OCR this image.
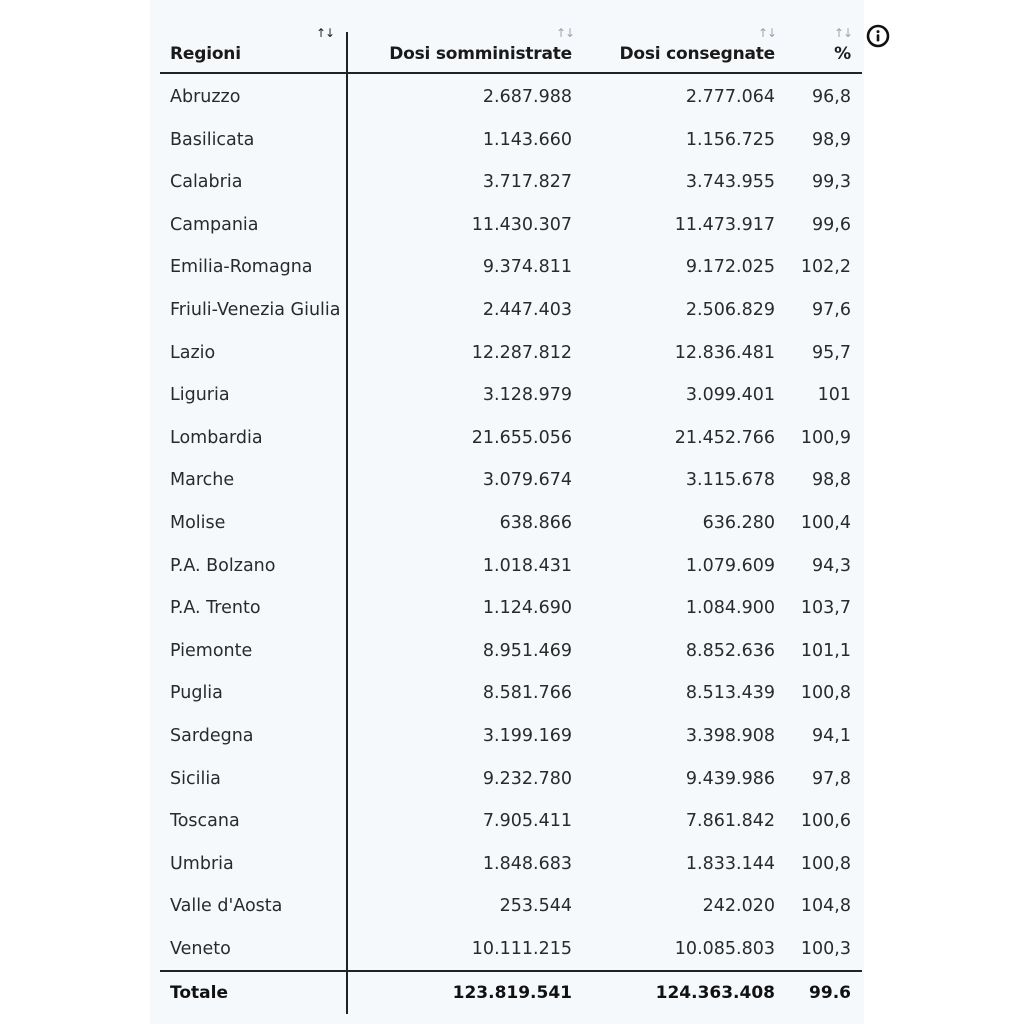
↑↓	↑↓	↑↓	↑↓
Regioni	Dosi somministrate	Dosi consegnate	%
Abruzzo	2.687.988	2.777.064 96,8
Basilicata	1.143.660	1.156.725 98,9
Calabria	3.717.827	3.743.955 99,3
Campania	11.430.307	11.473.917 99,6
Emilia-Romagna	9.374.811	9.172.025 102,2
Friuli-Venezia Giulia	2.447.403	2.506.829 97,6
Lazio	12.287.812	12.836.481 95,7
Liguria	3.128.979	3.099.401 101
Lombardia	21.655.056	21.452.766 100,9
Marche	3.079.674	3.115.678 98,8
Molise	638.866	636.280 100,4
P.A. Bolzano	1.018.431	1.079.609 94,3
P.A. Trento	1.124.690	1.084.900 103,7
Piemonte	8.951.469	8.852.636 101,1
Puglia	8.581.766	8.513.439 100,8
Sardegna	3.199.169	3.398.908 94,1
Sicilia	9.232.780	9.439.986 97,8
Toscana	7.905.411	7.861.842 100,6
Umbria	1.848.683	1.833.144 100,8
Valle d'Aosta	253.544	242.020 104,8
Veneto	10.111.215	10.085.803 100,3
Totale	123.819.541	124.363.408 99.6
